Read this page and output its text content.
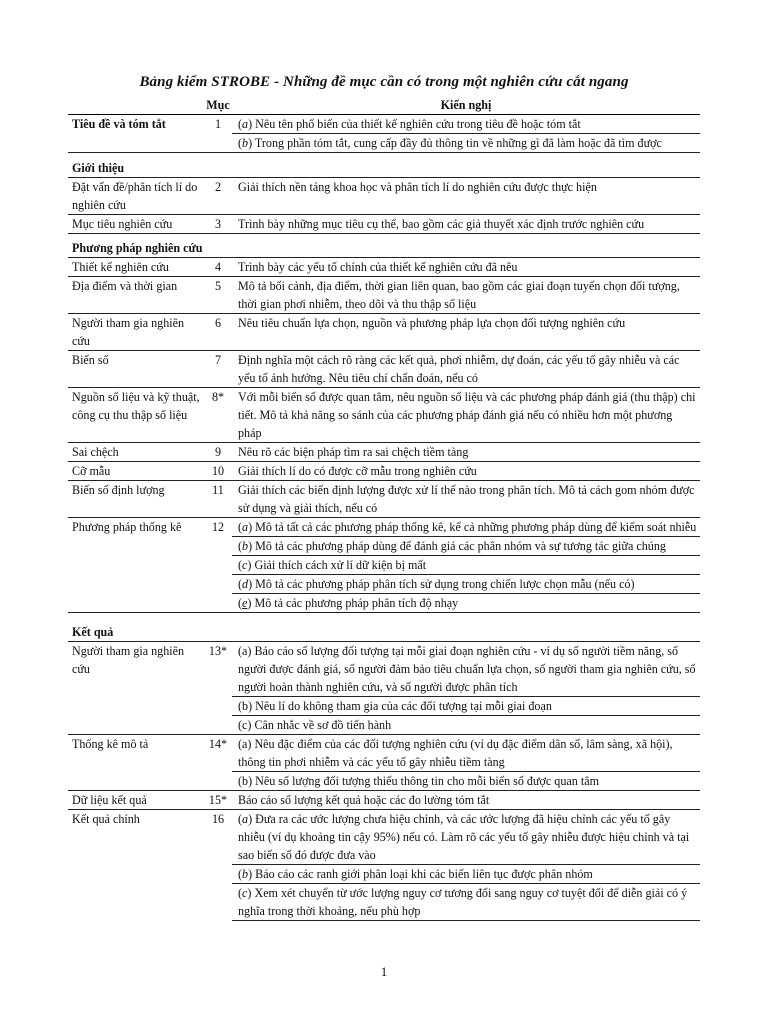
Bảng kiểm STROBE - Những đề mục cần có trong một nghiên cứu cắt ngang
	Mục	Kiến nghị
Tiêu đề và tóm tắt	1	(a) Nêu tên phổ biến của thiết kế nghiên cứu trong tiêu đề hoặc tóm tắt
		(b) Trong phần tóm tắt, cung cấp đầy đủ thông tin về những gì đã làm hoặc đã tìm được
Giới thiệu		
Đặt vấn đề/phân tích lí do nghiên cứu	2	Giải thích nền tảng khoa học và phân tích lí do nghiên cứu được thực hiện
Mục tiêu nghiên cứu	3	Trình bày những mục tiêu cụ thể, bao gồm các giả thuyết xác định trước nghiên cứu
Phương pháp nghiên cứu		
Thiết kế nghiên cứu	4	Trình bày các yếu tố chính của thiết kế nghiên cứu đã nêu
Địa điểm và thời gian	5	Mô tả bối cảnh, địa điểm, thời gian liên quan, bao gồm các giai đoạn tuyển chọn đối tượng, thời gian phơi nhiễm, theo dõi và thu thập số liệu
Người tham gia nghiên cứu	6	Nêu tiêu chuẩn lựa chọn, nguồn và phương pháp lựa chọn đối tượng nghiên cứu
Biến số	7	Định nghĩa một cách rõ ràng các kết quả, phơi nhiễm, dự đoán, các yếu tố gây nhiễu và các yếu tố ảnh hưởng. Nêu tiêu chí chẩn đoán, nếu có
Nguồn số liệu và kỹ thuật, công cụ thu thập số liệu	8*	Với mỗi biến số được quan tâm, nêu nguồn số liệu và các phương pháp đánh giá (thu thập) chi tiết. Mô tả khả năng so sánh của các phương pháp đánh giá nếu có nhiều hơn một phương pháp
Sai chệch	9	Nêu rõ các biện pháp tìm ra sai chệch tiềm tàng
Cỡ mẫu	10	Giải thích lí do có được cỡ mẫu trong nghiên cứu
Biến số định lượng	11	Giải thích các biến định lượng được xử lí thế nào trong phân tích. Mô tả cách gom nhóm được sử dụng và giải thích, nếu có
Phương pháp thống kê	12	(a) Mô tả tất cả các phương pháp thống kê, kể cả những phương pháp dùng để kiểm soát nhiễu
		(b) Mô tả các phương pháp dùng để đánh giá các phân nhóm và sự tương tác giữa chúng
		(c) Giải thích cách xử lí dữ kiện bị mất
		(d) Mô tả các phương pháp phân tích sử dụng trong chiến lược chọn mẫu (nếu có)
		(e) Mô tả các phương pháp phân tích độ nhạy
Kết quả		
Người tham gia nghiên cứu	13*	(a) Báo cáo số lượng đối tượng tại mỗi giai đoạn nghiên cứu - ví dụ số người tiềm năng, số người được đánh giá, số người đảm bảo tiêu chuẩn lựa chọn, số người tham gia nghiên cứu, số người hoàn thành nghiên cứu, và số người được phân tích
		(b) Nêu lí do không tham gia của các đối tượng tại mỗi giai đoạn
		(c) Cân nhắc về sơ đồ tiến hành
Thống kê mô tả	14*	(a) Nêu đặc điểm của các đối tượng nghiên cứu (ví dụ đặc điểm dân số, lâm sàng, xã hội), thông tin phơi nhiễm và các yếu tố gây nhiễu tiềm tàng
		(b) Nêu số lượng đối tượng thiếu thông tin cho mỗi biến số được quan tâm
Dữ liệu kết quả	15*	Báo cáo số lượng kết quả hoặc các đo lường tóm tắt
Kết quả chính	16	(a) Đưa ra các ước lượng chưa hiệu chỉnh, và các ước lượng đã hiệu chỉnh các yếu tố gây nhiễu (ví dụ khoảng tin cậy 95%) nếu có. Làm rõ các yếu tố gây nhiễu được hiệu chỉnh và tại sao biến số đó được đưa vào
		(b) Báo cáo các ranh giới phân loại khi các biến liên tục được phân nhóm
		(c) Xem xét chuyển từ ước lượng nguy cơ tương đối sang nguy cơ tuyệt đối để diễn giải có ý nghĩa trong thời khoảng, nếu phù hợp
1
